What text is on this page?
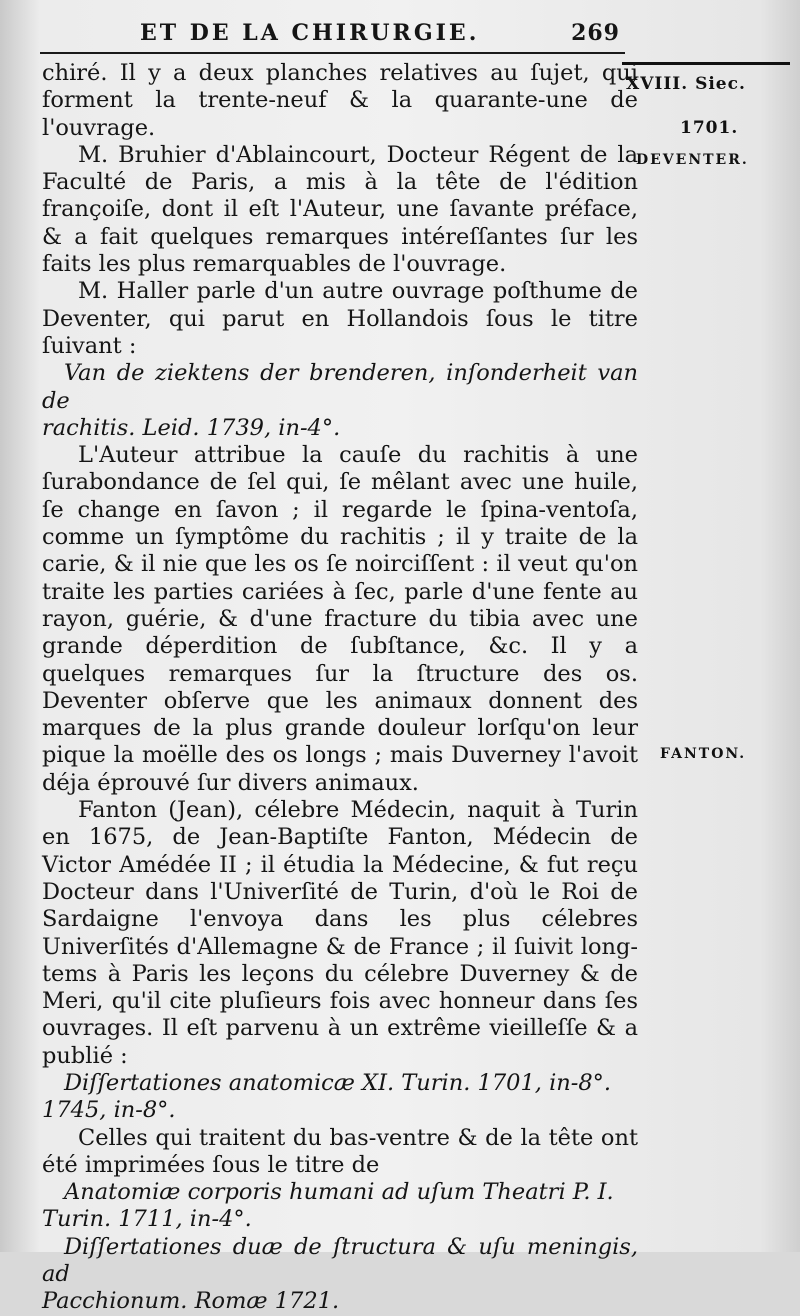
ET DE LA CHIRURGIE.	269
XVIII. Siec.
1701.
DEVENTER.
FANTON.

chiré. Il y a deux planches relatives au ſujet, qui forment la trente-neuf & la quarante-une de l'ouvrage.

M. Bruhier d'Ablaincourt, Docteur Régent de la Faculté de Paris, a mis à la tête de l'édition françoiſe, dont il eſt l'Auteur, une ſavante préface, & a fait quelques remarques intéreſſantes ſur les faits les plus remarquables de l'ouvrage.

M. Haller parle d'un autre ouvrage poſthume de Deventer, qui parut en Hollandois ſous le titre ſuivant :

Van de ziektens der brenderen, inſonderheit van de

rachitis. Leid. 1739, in-4°.

L'Auteur attribue la cauſe du rachitis à une ſurabondance de ſel qui, ſe mêlant avec une huile, ſe change en ſavon ; il regarde le ſpina-ventoſa, comme un ſymptôme du rachitis ; il y traite de la carie, & il nie que les os ſe noirciſſent : il veut qu'on traite les parties cariées à ſec, parle d'une fente au rayon, guérie, & d'une fracture du tibia avec une grande déperdition de ſubſtance, &c. Il y a quelques remarques ſur la ſtructure des os. Deventer obſerve que les animaux donnent des marques de la plus grande douleur lorſqu'on leur pique la moëlle des os longs ; mais Duverney l'avoit déja éprouvé ſur divers animaux.

Fanton (Jean), célebre Médecin, naquit à Turin en 1675, de Jean-Baptiſte Fanton, Médecin de Victor Amédée II ; il étudia la Médecine, & fut reçu Docteur dans l'Univerſité de Turin, d'où le Roi de Sardaigne l'envoya dans les plus célebres Univerſités d'Allemagne & de France ; il ſuivit long-tems à Paris les leçons du célebre Duverney & de Meri, qu'il cite pluſieurs fois avec honneur dans ſes ouvrages. Il eſt parvenu à un extrême vieilleſſe & a publié :

Diſſertationes anatomicæ XI. Turin. 1701, in-8°.

1745, in-8°.

Celles qui traitent du bas-ventre & de la tête ont été imprimées ſous le titre de

Anatomiæ corporis humani ad uſum Theatri P. I.

Turin. 1711, in-4°.

Diſſertationes duæ de ſtructura & uſu meningis, ad

Pacchionum. Romæ 1721.
